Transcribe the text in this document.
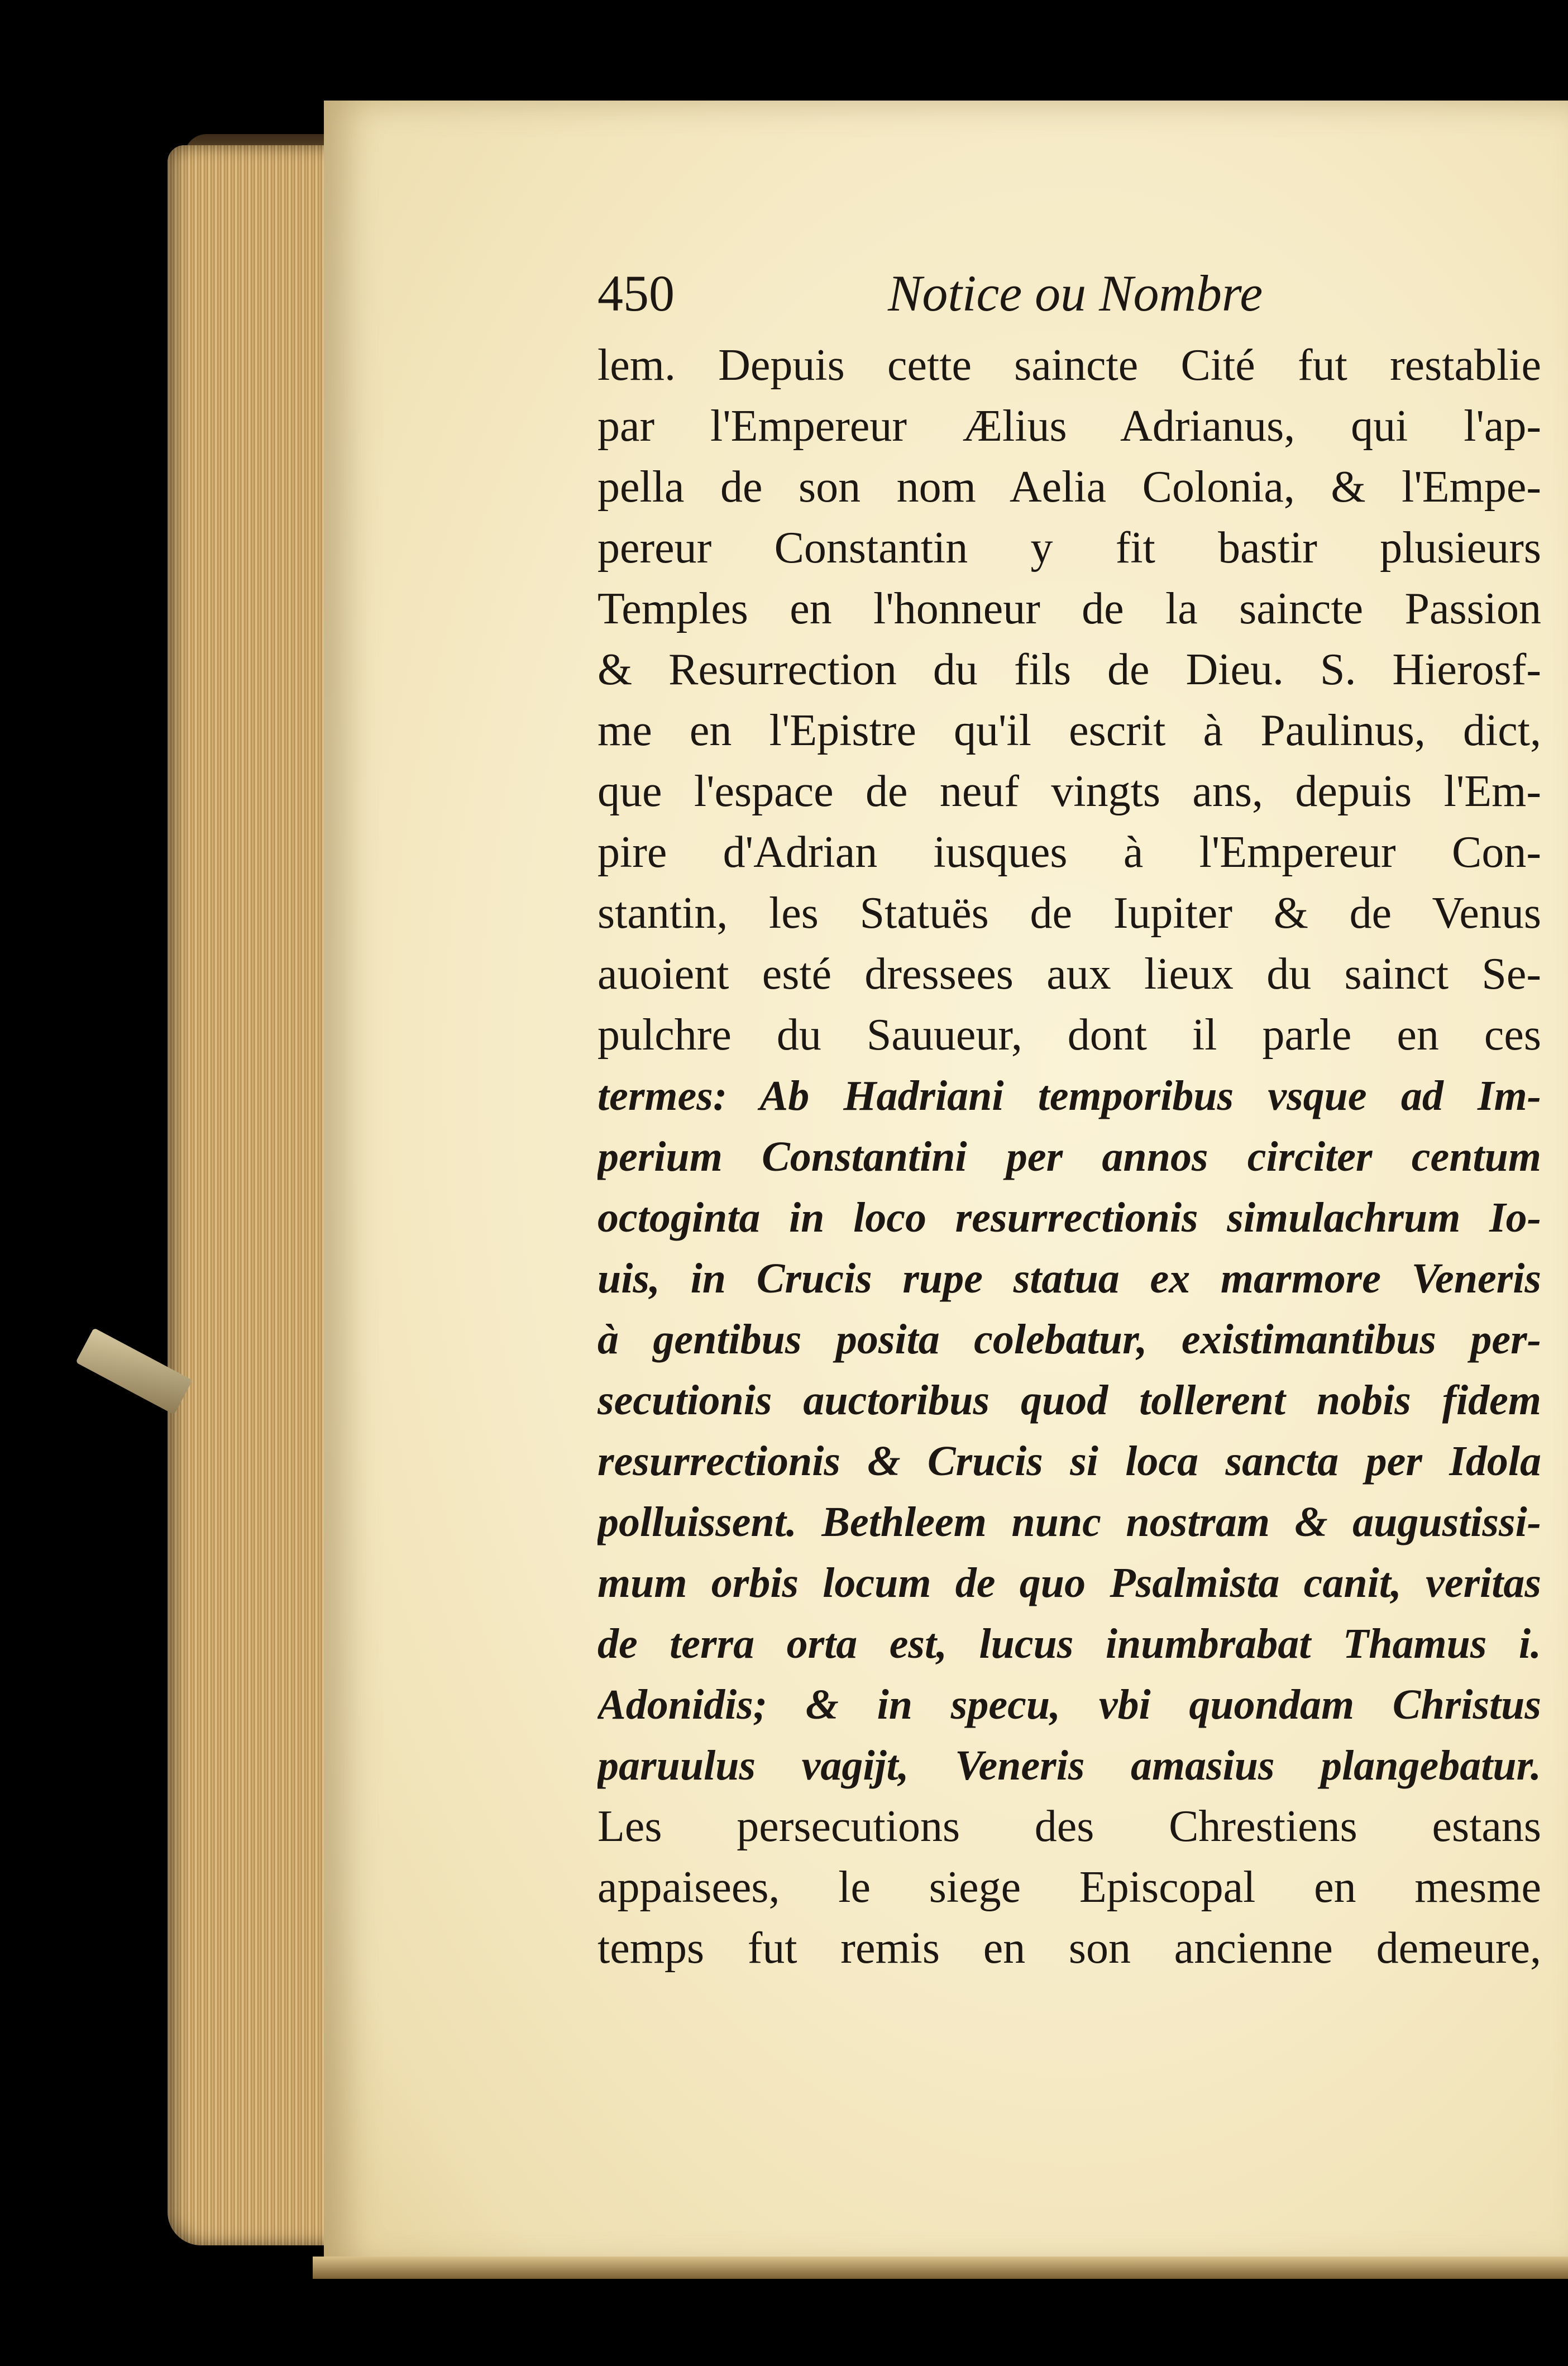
450	Notice ou Nombre
lem. Depuis cette saincte Cité fut restablie
par l'Empereur Ælius Adrianus, qui l'ap-
pella de son nom Aelia Colonia, & l'Empe-
pereur Constantin y fit bastir plusieurs
Temples en l'honneur de la saincte Passion
& Resurrection du fils de Dieu. S. Hierosf-
me en l'Epistre qu'il escrit à Paulinus, dict,
que l'espace de neuf vingts ans, depuis l'Em-
pire d'Adrian iusques à l'Empereur Con-
stantin, les Statuës de Iupiter & de Venus
auoient esté dressees aux lieux du sainct Se-
pulchre du Sauueur, dont il parle en ces
termes: Ab Hadriani temporibus vsque ad Im-
perium Constantini per annos circiter centum
octoginta in loco resurrectionis simulachrum Io-
uis, in Crucis rupe statua ex marmore Veneris
à gentibus posita colebatur, existimantibus per-
secutionis auctoribus quod tollerent nobis fidem
resurrectionis & Crucis si loca sancta per Idola
polluissent. Bethleem nunc nostram & augustissi-
mum orbis locum de quo Psalmista canit, veritas
de terra orta est, lucus inumbrabat Thamus i.
Adonidis; & in specu, vbi quondam Christus
paruulus vagijt, Veneris amasius plangebatur.
Les persecutions des Chrestiens estans
appaisees, le siege Episcopal en mesme
temps fut remis en son ancienne demeure,
